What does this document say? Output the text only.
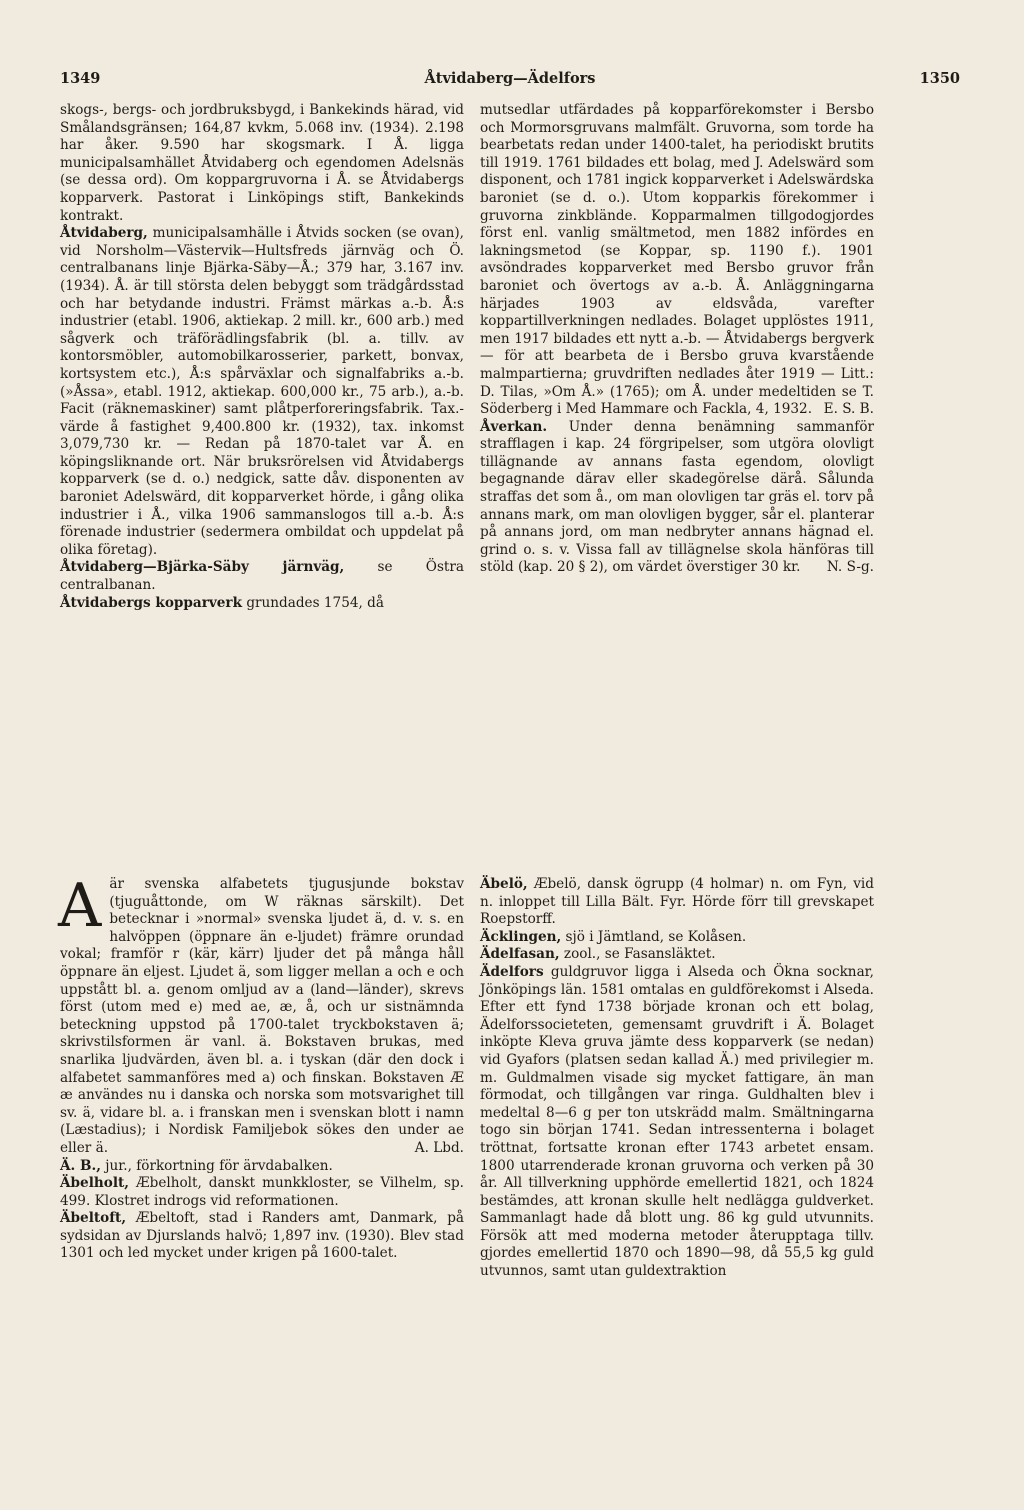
1349	Åtvidaberg—Ädelfors	1350

skogs-, bergs- och jordbruksbygd, i Bankekinds härad, vid Smålandsgränsen; 164,87 kvkm, 5.068 inv. (1934). 2.198 har åker. 9.590 har skogsmark. I Å. ligga municipalsamhället Åtvidaberg och egendomen Adelsnäs (se dessa ord). Om koppargruvorna i Å. se Åtvidabergs kopparverk. Pastorat i Linköpings stift, Bankekinds kontrakt.

Åtvidaberg, municipalsamhälle i Åtvids socken (se ovan), vid Norsholm—Västervik—Hultsfreds järnväg och Ö. centralbanans linje Bjärka-Säby—Å.; 379 har, 3.167 inv. (1934). Å. är till största delen bebyggt som trädgårdsstad och har betydande industri. Främst märkas a.-b. Å:s industrier (etabl. 1906, aktiekap. 2 mill. kr., 600 arb.) med sågverk och träförädlingsfabrik (bl. a. tillv. av kontorsmöbler, automobilkarosserier, parkett, bonvax, kortsystem etc.), Å:s spårväxlar och signalfabriks a.-b. (»Åssa», etabl. 1912, aktiekap. 600,000 kr., 75 arb.), a.-b. Facit (räknemaskiner) samt plåtperforeringsfabrik. Tax.-värde å fastighet 9,400.800 kr. (1932), tax. inkomst 3,079,730 kr. — Redan på 1870-talet var Å. en köpingsliknande ort. När bruksrörelsen vid Åtvidabergs kopparverk (se d. o.) nedgick, satte dåv. disponenten av baroniet Adelswärd, dit kopparverket hörde, i gång olika industrier i Å., vilka 1906 sammanslogos till a.-b. Å:s förenade industrier (sedermera ombildat och uppdelat på olika företag).

Åtvidaberg—Bjärka-Säby järnväg, se Östra centralbanan.

Åtvidabergs kopparverk grundades 1754, då

mutsedlar utfärdades på kopparförekomster i Bersbo och Mormorsgruvans malmfält. Gruvorna, som torde ha bearbetats redan under 1400-talet, ha periodiskt brutits till 1919. 1761 bildades ett bolag, med J. Adelswärd som disponent, och 1781 ingick kopparverket i Adelswärdska baroniet (se d. o.). Utom kopparkis förekommer i gruvorna zinkblände. Kopparmalmen tillgodogjordes först enl. vanlig smältmetod, men 1882 infördes en lakningsmetod (se Koppar, sp. 1190 f.). 1901 avsöndrades kopparverket med Bersbo gruvor från baroniet och övertogs av a.-b. Å. Anläggningarna härjades 1903 av eldsvåda, varefter koppartillverkningen nedlades. Bolaget upplöstes 1911, men 1917 bildades ett nytt a.-b. — Åtvidabergs bergverk — för att bearbeta de i Bersbo gruva kvarstående malmpartierna; gruvdriften nedlades åter 1919 — Litt.: D. Tilas, »Om Å.» (1765); om Å. under medeltiden se T. Söderberg i Med Hammare och Fackla, 4, 1932. E. S. B.

Åverkan. Under denna benämning sammanför strafflagen i kap. 24 förgripelser, som utgöra olovligt tillägnande av annans fasta egendom, olovligt begagnande därav eller skadegörelse därå. Sålunda straffas det som å., om man olovligen tar gräs el. torv på annans mark, om man olovligen bygger, sår el. planterar på annans jord, om man nedbryter annans hägnad el. grind o. s. v. Vissa fall av tillägnelse skola hänföras till stöld (kap. 20 § 2), om värdet överstiger 30 kr. N. S-g.

Aär svenska alfabetets tjugusjunde bokstav (tjuguåttonde, om W räknas särskilt). Det betecknar i »normal» svenska ljudet ä, d. v. s. en halvöppen (öppnare än e-ljudet) främre orundad vokal; framför r (kär, kärr) ljuder det på många håll öppnare än eljest. Ljudet ä, som ligger mellan a och e och uppstått bl. a. genom omljud av a (land—länder), skrevs först (utom med e) med ae, æ, å, och ur sistnämnda beteckning uppstod på 1700-talet tryckbokstaven ä; skrivstilsformen är vanl. ä. Bokstaven brukas, med snarlika ljudvärden, även bl. a. i tyskan (där den dock i alfabetet sammanföres med a) och finskan. Bokstaven Æ æ användes nu i danska och norska som motsvarighet till sv. ä, vidare bl. a. i franskan men i svenskan blott i namn (Læstadius); i Nordisk Familjebok sökes den under ae eller ä.	A. Lbd.

Ä. B., jur., förkortning för ärvdabalken.

Äbelholt, Æbelholt, danskt munkkloster, se Vilhelm, sp. 499. Klostret indrogs vid reformationen.

Äbeltoft, Æbeltoft, stad i Randers amt, Danmark, på sydsidan av Djurslands halvö; 1,897 inv. (1930). Blev stad 1301 och led mycket under krigen på 1600-talet.

Äbelö, Æbelö, dansk ögrupp (4 holmar) n. om Fyn, vid n. inloppet till Lilla Bält. Fyr. Hörde förr till grevskapet Roepstorff.

Äcklingen, sjö i Jämtland, se Kolåsen.

Ädelfasan, zool., se Fasansläktet.

Ädelfors guldgruvor ligga i Alseda och Ökna socknar, Jönköpings län. 1581 omtalas en guldförekomst i Alseda. Efter ett fynd 1738 började kronan och ett bolag, Ädelforssocieteten, gemensamt gruvdrift i Ä. Bolaget inköpte Kleva gruva jämte dess kopparverk (se nedan) vid Gyafors (platsen sedan kallad Ä.) med privilegier m. m. Guldmalmen visade sig mycket fattigare, än man förmodat, och tillgången var ringa. Guldhalten blev i medeltal 8—6 g per ton utskrädd malm. Smältningarna togo sin början 1741. Sedan intressenterna i bolaget tröttnat, fortsatte kronan efter 1743 arbetet ensam. 1800 utarrenderade kronan gruvorna och verken på 30 år. All tillverkning upphörde emellertid 1821, och 1824 bestämdes, att kronan skulle helt nedlägga guldverket. Sammanlagt hade då blott ung. 86 kg guld utvunnits. Försök att med moderna metoder återupptaga tillv. gjordes emellertid 1870 och 1890—98, då 55,5 kg guld utvunnos, samt utan guldextraktion
